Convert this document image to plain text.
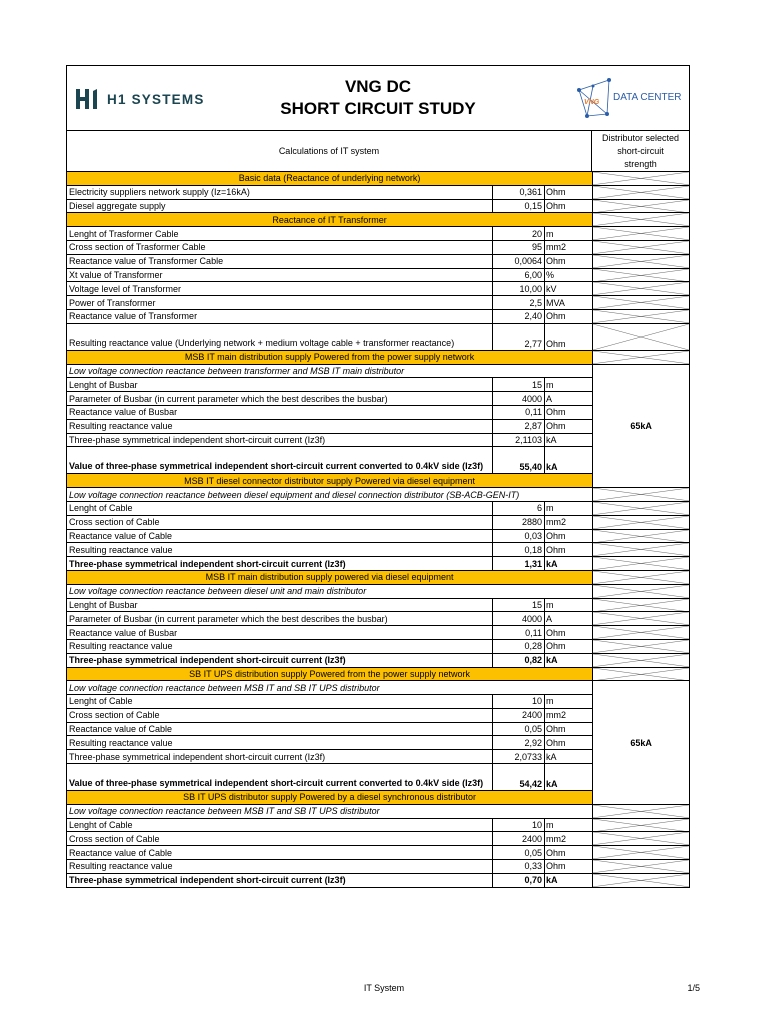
H1 SYSTEMS
VNG DC
SHORT CIRCUIT STUDY	VNG DATA CENTER
Calculations of IT system
Distributor selected
short-circuit
strength
Basic data (Reactance of underlying network)	

Electricity suppliers network supply (Iz=16kA)	0,361	Ohm	

Diesel aggregate supply	0,15	Ohm	

Reactance of IT Transformer	

Lenght of Trasformer Cable	20	m	

Cross section of Trasformer Cable	95	mm2	

Reactance value of Transformer Cable	0,0064	Ohm	

Xt value of Transformer	6,00	%	

Voltage level of Transformer	10,00	kV	

Power of Transformer	2,5	MVA	

Reactance value of Transformer	2,40	Ohm	

Resulting reactance value (Underlying network + medium voltage cable + transformer reactance)	2,77	Ohm	

MSB IT main distribution supply Powered from the power supply network	

Low voltage connection reactance between transformer and MSB IT main distributor			65kA
Lenght of Busbar	15	m	
Parameter of Busbar (in current parameter which the best describes the busbar)	4000	A	
Reactance value of Busbar	0,11	Ohm	
Resulting reactance value	2,87	Ohm	
Three-phase symmetrical independent short-circuit current (Iz3f)	2,1103	kA	
Value of three-phase symmetrical independent short-circuit current converted to 0.4kV side (Iz3f)	55,40	kA	
MSB IT diesel connector distributor supply Powered via diesel equipment			
Low voltage connection reactance between diesel equipment and diesel connection distributor (SB-ACB-GEN-IT)	

Lenght of Cable	6	m	

Cross section of Cable	2880	mm2	

Reactance value of Cable	0,03	Ohm	

Resulting reactance value	0,18	Ohm	

Three-phase symmetrical independent short-circuit current (Iz3f)	1,31	kA	

MSB IT main distribution supply powered via diesel equipment	

Low voltage connection reactance between diesel unit and main distributor	

Lenght of Busbar	15	m	

Parameter of Busbar (in current parameter which the best describes the busbar)	4000	A	

Reactance value of Busbar	0,11	Ohm	

Resulting reactance value	0,28	Ohm	

Three-phase symmetrical independent short-circuit current (Iz3f)	0,82	kA	

SB IT UPS distribution supply Powered from the power supply network	

Low voltage connection reactance between MSB IT and SB IT UPS distributor			65kA
Lenght of Cable	10	m	
Cross section of Cable	2400	mm2	
Reactance value of Cable	0,05	Ohm	
Resulting reactance value	2,92	Ohm	
Three-phase symmetrical independent short-circuit current (Iz3f)	2,0733	kA	
Value of three-phase symmetrical independent short-circuit current converted to 0.4kV side (Iz3f)	54,42	kA	
SB IT UPS distributor supply Powered by a diesel synchronous distributor			
Low voltage connection reactance between MSB IT and SB IT UPS distributor	

Lenght of Cable	10	m	

Cross section of Cable	2400	mm2	

Reactance value of Cable	0,05	Ohm	

Resulting reactance value	0,33	Ohm	

Three-phase symmetrical independent short-circuit current (Iz3f)	0,70	kA	
IT System	1/5
